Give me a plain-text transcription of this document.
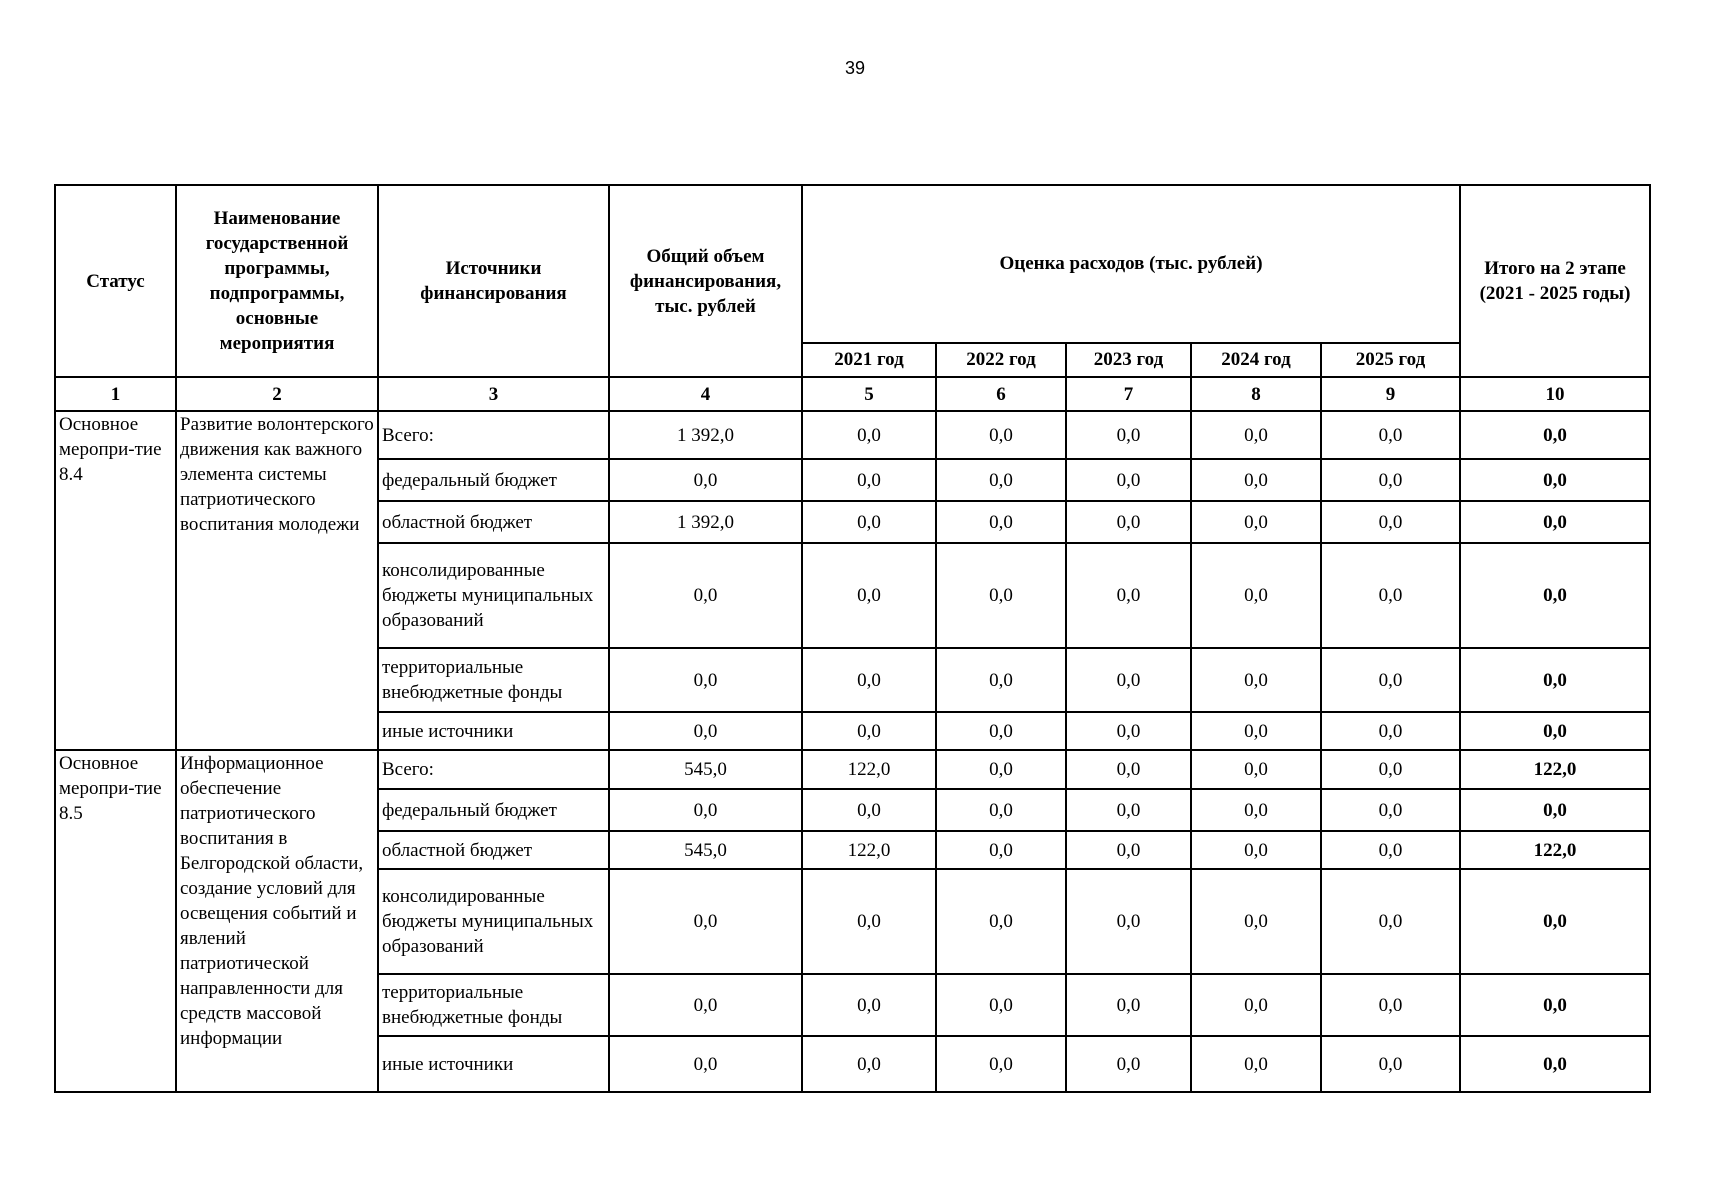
39
Статус	Наименование государственной программы, подпрограммы, основные мероприятия	Источники финансирования	Общий объем финансирования, тыс. рублей	Оценка расходов (тыс. рублей)					Итого на 2 этапе (2021 - 2025 годы)
				2021 год	2022 год	2023 год	2024 год	2025 год	
1	2	3	4	5	6	7	8	9	10
Основное меропри-тие 8.4	Развитие волонтерского движения как важного элемента системы патриотического воспитания молодежи	Всего:	1 392,0	0,0	0,0	0,0	0,0	0,0	0,0
		федеральный бюджет	0,0	0,0	0,0	0,0	0,0	0,0	0,0
		областной бюджет	1 392,0	0,0	0,0	0,0	0,0	0,0	0,0
		консолидированные бюджеты муниципальных образований	0,0	0,0	0,0	0,0	0,0	0,0	0,0
		территориальные внебюджетные фонды	0,0	0,0	0,0	0,0	0,0	0,0	0,0
		иные источники	0,0	0,0	0,0	0,0	0,0	0,0	0,0
Основное меропри-тие 8.5	Информационное обеспечение патриотического воспитания в Белгородской области, создание условий для освещения событий и явлений патриотической направленности для средств массовой информации	Всего:	545,0	122,0	0,0	0,0	0,0	0,0	122,0
		федеральный бюджет	0,0	0,0	0,0	0,0	0,0	0,0	0,0
		областной бюджет	545,0	122,0	0,0	0,0	0,0	0,0	122,0
		консолидированные бюджеты муниципальных образований	0,0	0,0	0,0	0,0	0,0	0,0	0,0
		территориальные внебюджетные фонды	0,0	0,0	0,0	0,0	0,0	0,0	0,0
		иные источники	0,0	0,0	0,0	0,0	0,0	0,0	0,0
